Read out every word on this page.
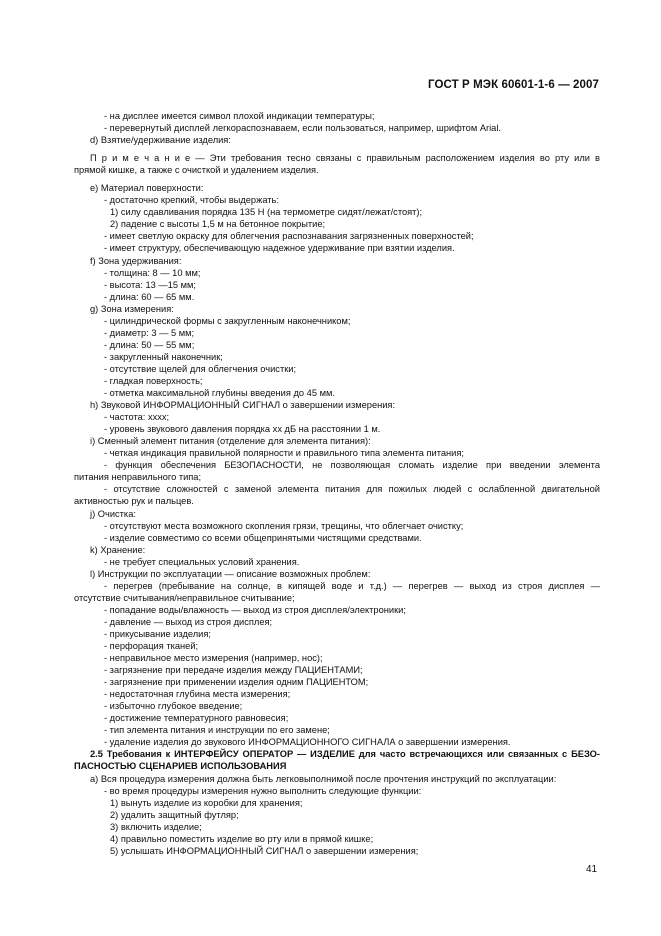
ГОСТ Р МЭК 60601-1-6 — 2007
- на дисплее имеется символ плохой индикации температуры;
- перевернутый дисплей легкораспознаваем, если пользоваться, например, шрифтом Arial.
d) Взятие/удерживание изделия:
П р и м е ч а н и е — Эти требования тесно связаны с правильным расположением изделия во рту или в
прямой кишке, а также с очисткой и удалением изделия.
e) Материал поверхности:
- достаточно крепкий, чтобы выдержать:
1) силу сдавливания порядка 135 Н (на термометре сидят/лежат/стоят);
2) падение с высоты 1,5 м на бетонное покрытие;
- имеет светлую окраску для облегчения распознавания загрязненных поверхностей;
- имеет структуру, обеспечивающую надежное удерживание при взятии изделия.
f) Зона удерживания:
- толщина: 8 — 10 мм;
- высота: 13 —15 мм;
- длина: 60 — 65 мм.
g) Зона измерения:
- цилиндрической формы с закругленным наконечником;
- диаметр: 3 — 5 мм;
- длина: 50 — 55 мм;
- закругленный наконечник;
- отсутствие щелей для облегчения очистки;
- гладкая поверхность;
- отметка максимальной глубины введения до 45 мм.
h) Звуковой ИНФОРМАЦИОННЫЙ СИГНАЛ о завершении измерения:
- частота: хххх;
- уровень звукового давления порядка хх дБ на расстоянии 1 м.
i) Сменный элемент питания (отделение для элемента питания):
- четкая индикация правильной полярности и правильного типа элемента питания;
- функция обеспечения БЕЗОПАСНОСТИ, не позволяющая сломать изделие при введении элемента
питания неправильного типа;
- отсутствие сложностей с заменой элемента питания для пожилых людей с ослабленной двигательной
активностью рук и пальцев.
j) Очистка:
- отсутствуют места возможного скопления грязи, трещины, что облегчает очистку;
- изделие совместимо со всеми общепринятыми чистящими средствами.
k) Хранение:
- не требует специальных условий хранения.
l) Инструкции по эксплуатации — описание возможных проблем:
- перегрев (пребывание на солнце, в кипящей воде и т.д.) — перегрев — выход из строя дисплея —
отсутствие считывания/неправильное считывание;
- попадание воды/влажность — выход из строя дисплея/электроники;
- давление — выход из строя дисплея;
- прикусывание изделия;
- перфорация тканей;
- неправильное место измерения (например, нос);
- загрязнение при передаче изделия между ПАЦИЕНТАМИ;
- загрязнение при применении изделия одним ПАЦИЕНТОМ;
- недостаточная глубина места измерения;
- избыточно глубокое введение;
- достижение температурного равновесия;
- тип элемента питания и инструкции по его замене;
- удаление изделия до звукового ИНФОРМАЦИОННОГО СИГНАЛА о завершении измерения.
2.5 Требования к ИНТЕРФЕЙСУ ОПЕРАТОР — ИЗДЕЛИЕ для часто встречающихся или связанных с БЕЗО-
ПАСНОСТЬЮ СЦЕНАРИЕВ ИСПОЛЬЗОВАНИЯ
a) Вся процедура измерения должна быть легковыполнимой после прочтения инструкций по эксплуатации:
- во время процедуры измерения нужно выполнить следующие функции:
1) вынуть изделие из коробки для хранения;
2) удалить защитный футляр;
3) включить изделие;
4) правильно поместить изделие во рту или в прямой кишке;
5) услышать ИНФОРМАЦИОННЫЙ СИГНАЛ о завершении измерения;
41
